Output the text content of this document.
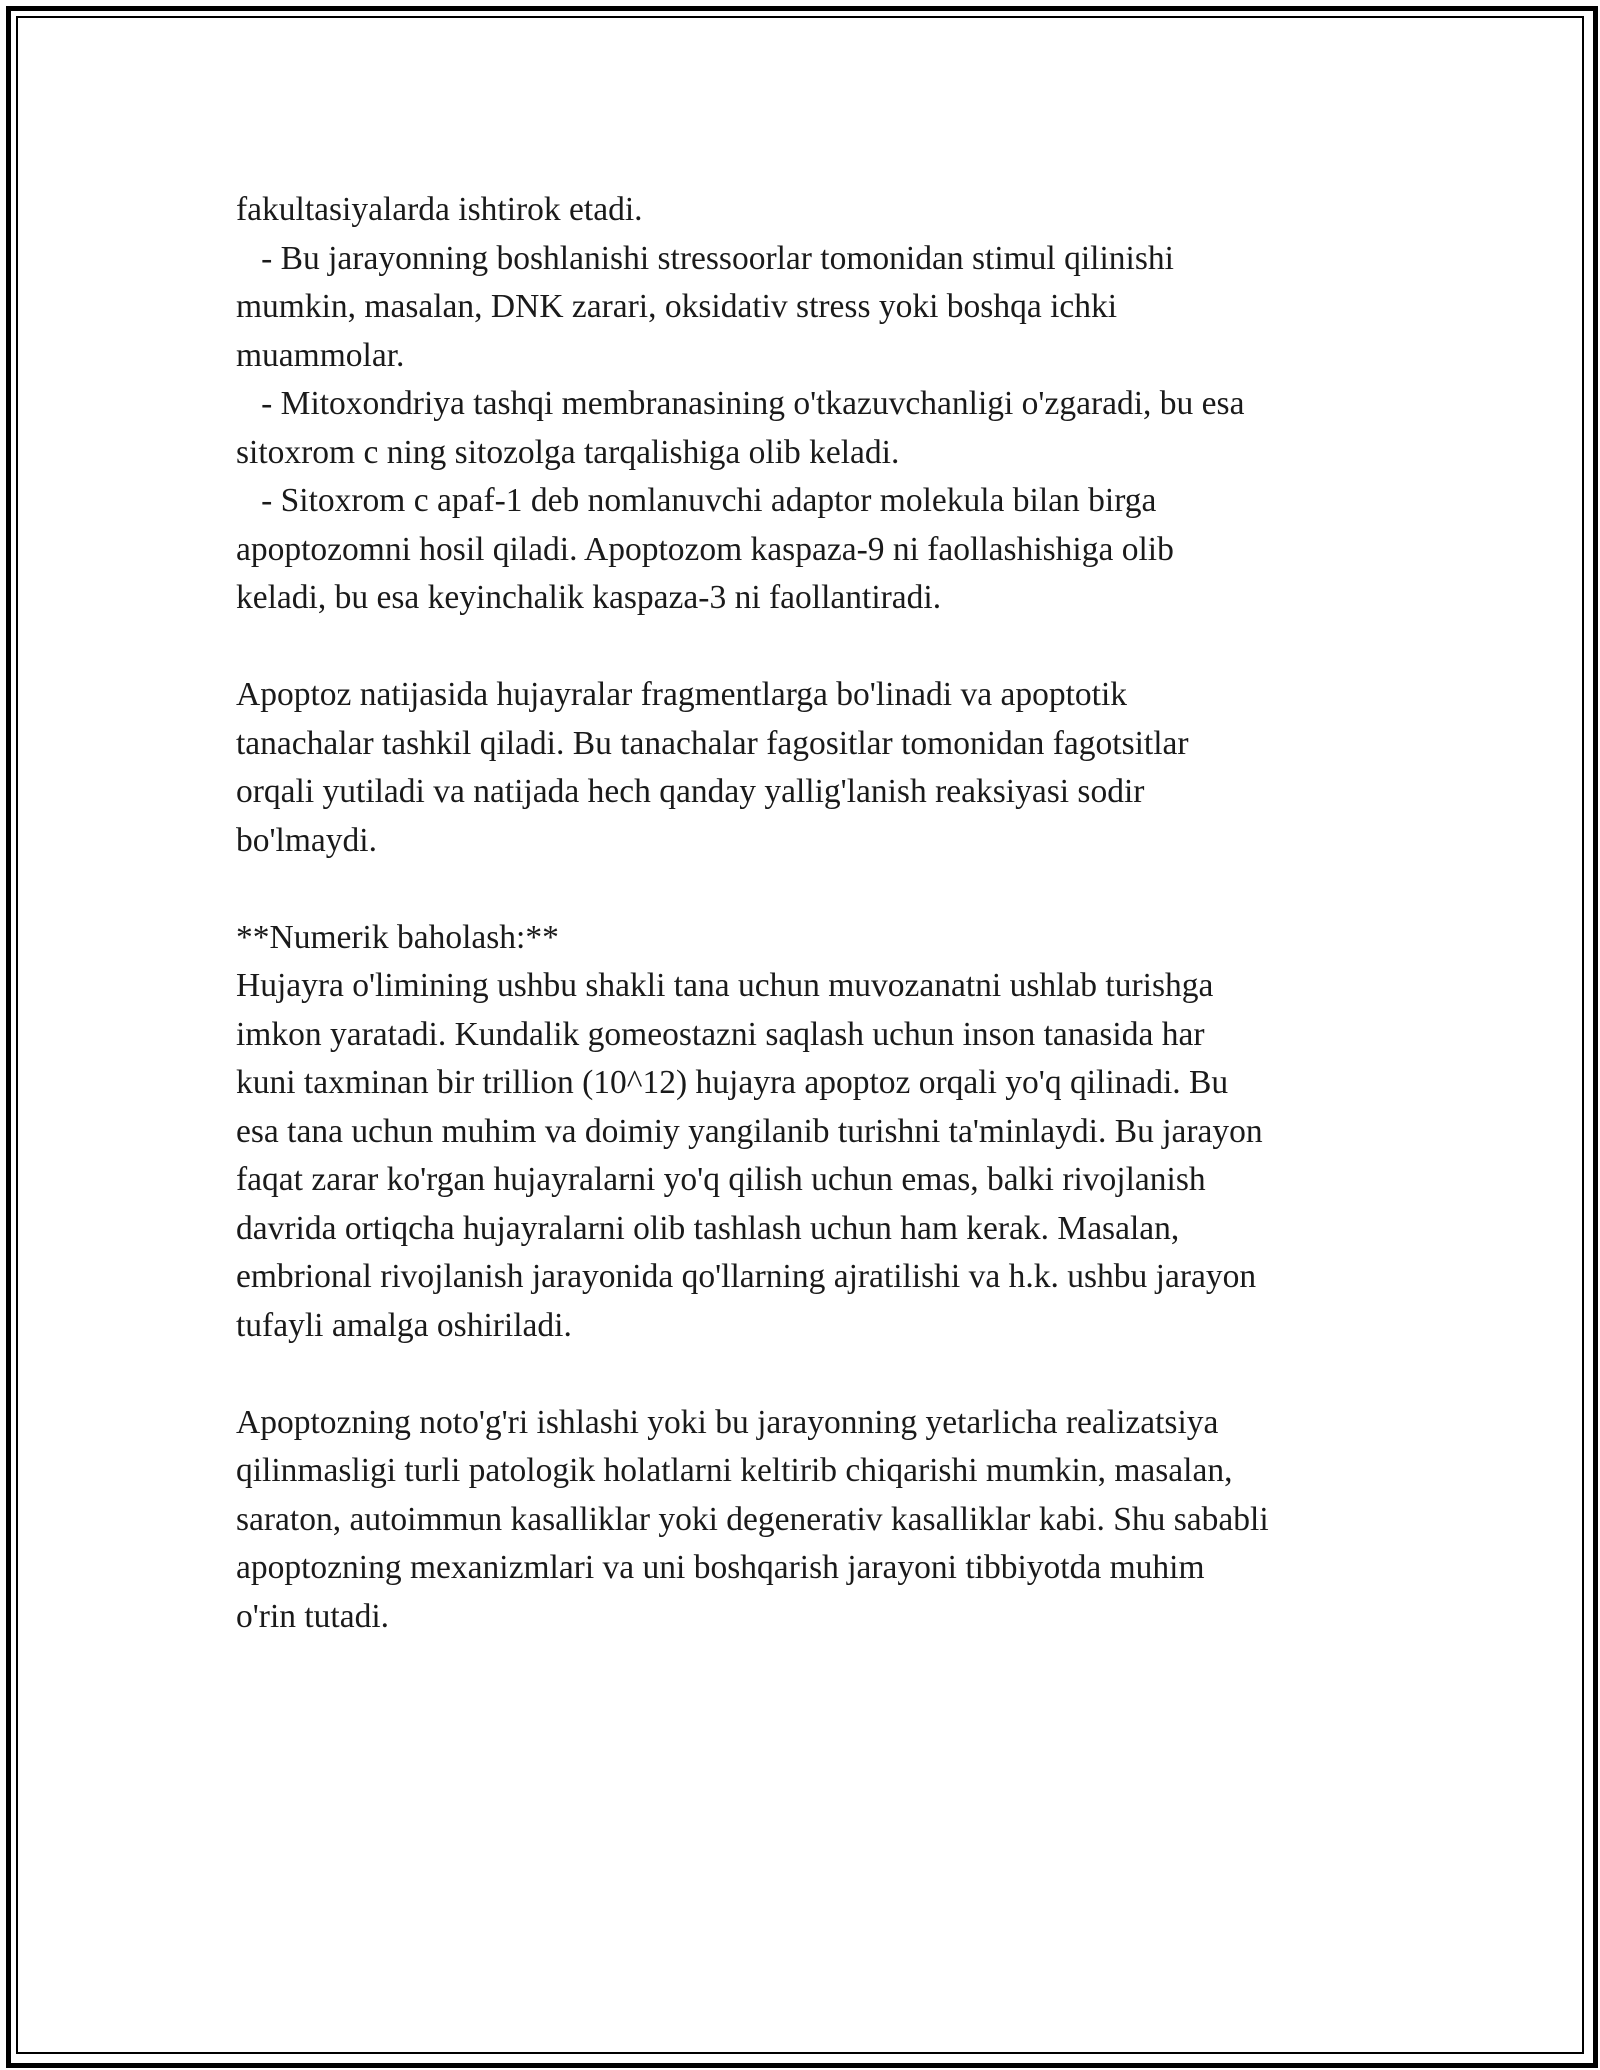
fakultasiyalarda ishtirok etadi.
- Bu jarayonning boshlanishi stressoorlar tomonidan stimul qilinishi
mumkin, masalan, DNK zarari, oksidativ stress yoki boshqa ichki
muammolar.
- Mitoxondriya tashqi membranasining o'tkazuvchanligi o'zgaradi, bu esa
sitoxrom c ning sitozolga tarqalishiga olib keladi.
- Sitoxrom c apaf-1 deb nomlanuvchi adaptor molekula bilan birga
apoptozomni hosil qiladi. Apoptozom kaspaza-9 ni faollashishiga olib
keladi, bu esa keyinchalik kaspaza-3 ni faollantiradi.
Apoptoz natijasida hujayralar fragmentlarga bo'linadi va apoptotik
tanachalar tashkil qiladi. Bu tanachalar fagositlar tomonidan fagotsitlar
orqali yutiladi va natijada hech qanday yallig'lanish reaksiyasi sodir
bo'lmaydi.
**Numerik baholash:**
Hujayra o'limining ushbu shakli tana uchun muvozanatni ushlab turishga
imkon yaratadi. Kundalik gomeostazni saqlash uchun inson tanasida har
kuni taxminan bir trillion (10^12) hujayra apoptoz orqali yo'q qilinadi. Bu
esa tana uchun muhim va doimiy yangilanib turishni ta'minlaydi. Bu jarayon
faqat zarar ko'rgan hujayralarni yo'q qilish uchun emas, balki rivojlanish
davrida ortiqcha hujayralarni olib tashlash uchun ham kerak. Masalan,
embrional rivojlanish jarayonida qo'llarning ajratilishi va h.k. ushbu jarayon
tufayli amalga oshiriladi.
Apoptozning noto'g'ri ishlashi yoki bu jarayonning yetarlicha realizatsiya
qilinmasligi turli patologik holatlarni keltirib chiqarishi mumkin, masalan,
saraton, autoimmun kasalliklar yoki degenerativ kasalliklar kabi. Shu sababli
apoptozning mexanizmlari va uni boshqarish jarayoni tibbiyotda muhim
o'rin tutadi.
